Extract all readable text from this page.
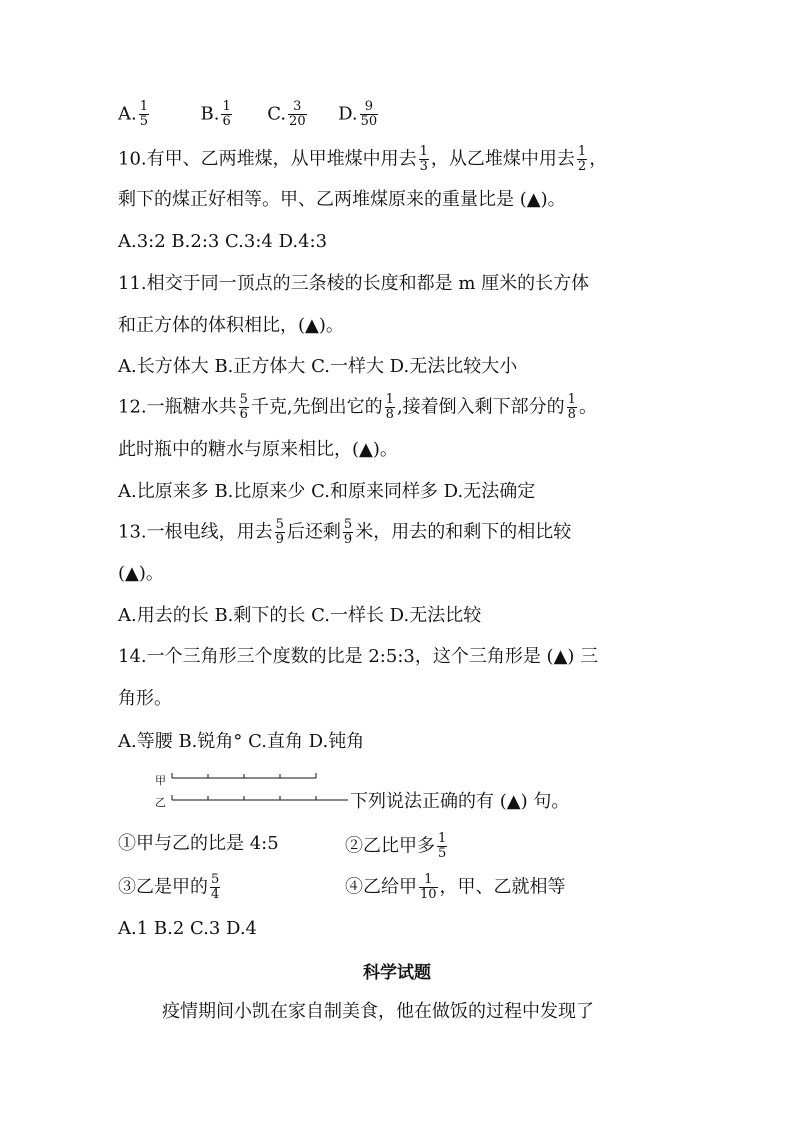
A. $\frac{1}{5}$	B. $\frac{1}{6} C$. $\frac{3}{20} D$. $\frac{9}{50}$
10.有甲、乙两堆煤，从甲堆煤中用去 $\frac{1}{3}$ ，从乙堆煤中用去 $\frac{1}{2}$ ，
剩下的煤正好相等。甲、乙两堆煤原来的重量比是 (▲)。
A.3:2 B.2:3 C.3:4 D.4:3
11.相交于同一顶点的三条棱的长度和都是 m 厘米的长方体
和正方体的体积相比，(▲)。
A.长方体大 B.正方体大 C.一样大 D.无法比较大小
12.一瓶糖水共 $\frac{5}{6}$ 千克,先倒出它的 $\frac{1}{8}$ ,接着倒入剩下部分的 $\frac{1}{8}$ 。
此时瓶中的糖水与原来相比，(▲)。
A.比原来多 B.比原来少 C.和原来同样多 D.无法确定
13.一根电线，用去 $\frac{5}{9}$ 后还剩 $\frac{5}{9}$ 米，用去的和剩下的相比较
(▲)。
A.用去的长 B.剩下的长 C.一样长 D.无法比较
14.一个三角形三个度数的比是 2:5:3，这个三角形是 (▲) 三
角形。
A.等腰 B.锐角° C.直角 D.钝角
甲
乙	下列说法正确的有 (▲) 句。
①甲与乙的比是 4:5	②乙比甲多 $\frac{1}{5}$
③乙是甲的 $\frac{5}{4}$	④乙给甲 $\frac{1}{10}$ ，甲、乙就相等
A.1 B.2 C.3 D.4
科学试题
疫情期间小凯在家自制美食，他在做饭的过程中发现了
